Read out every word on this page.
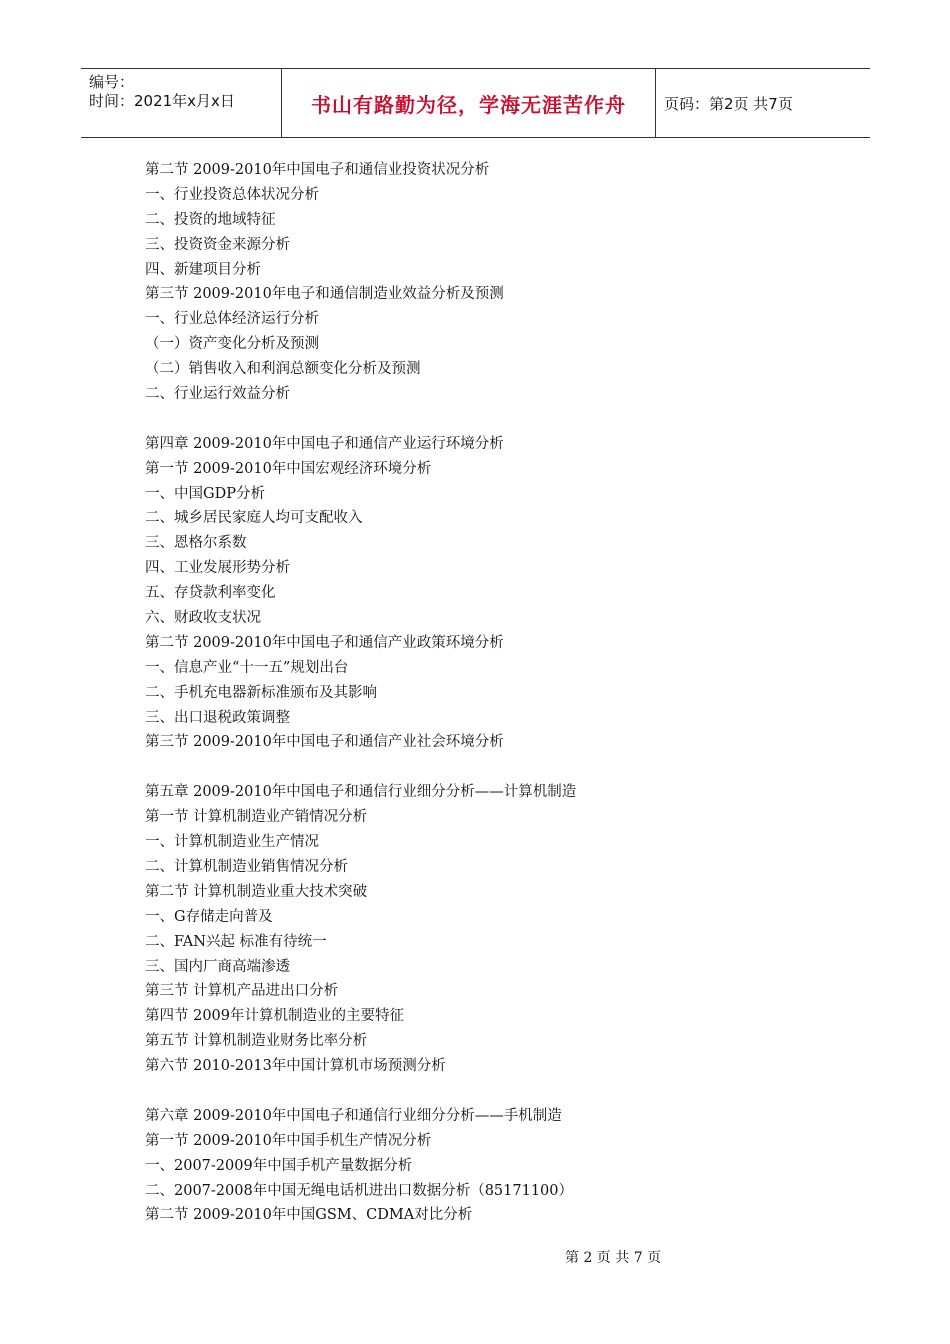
编号：
时间：2021年x月x日	书山有路勤为径，学海无涯苦作舟	页码：第2页 共7页
第二节 2009-2010年中国电子和通信业投资状况分析
一、行业投资总体状况分析
二、投资的地域特征
三、投资资金来源分析
四、新建项目分析
第三节 2009-2010年电子和通信制造业效益分析及预测
一、行业总体经济运行分析
（一）资产变化分析及预测
（二）销售收入和利润总额变化分析及预测
二、行业运行效益分析
第四章 2009-2010年中国电子和通信产业运行环境分析
第一节 2009-2010年中国宏观经济环境分析
一、中国GDP分析
二、城乡居民家庭人均可支配收入
三、恩格尔系数
四、工业发展形势分析
五、存贷款利率变化
六、财政收支状况
第二节 2009-2010年中国电子和通信产业政策环境分析
一、信息产业“十一五”规划出台
二、手机充电器新标准颁布及其影响
三、出口退税政策调整
第三节 2009-2010年中国电子和通信产业社会环境分析
第五章 2009-2010年中国电子和通信行业细分分析——计算机制造
第一节 计算机制造业产销情况分析
一、计算机制造业生产情况
二、计算机制造业销售情况分析
第二节 计算机制造业重大技术突破
一、G存储走向普及
二、FAN兴起 标准有待统一
三、国内厂商高端渗透
第三节 计算机产品进出口分析
第四节 2009年计算机制造业的主要特征
第五节 计算机制造业财务比率分析
第六节 2010-2013年中国计算机市场预测分析
第六章 2009-2010年中国电子和通信行业细分分析——手机制造
第一节 2009-2010年中国手机生产情况分析
一、2007-2009年中国手机产量数据分析
二、2007-2008年中国无绳电话机进出口数据分析（85171100）
第二节 2009-2010年中国GSM、CDMA对比分析
第 2 页 共 7 页
